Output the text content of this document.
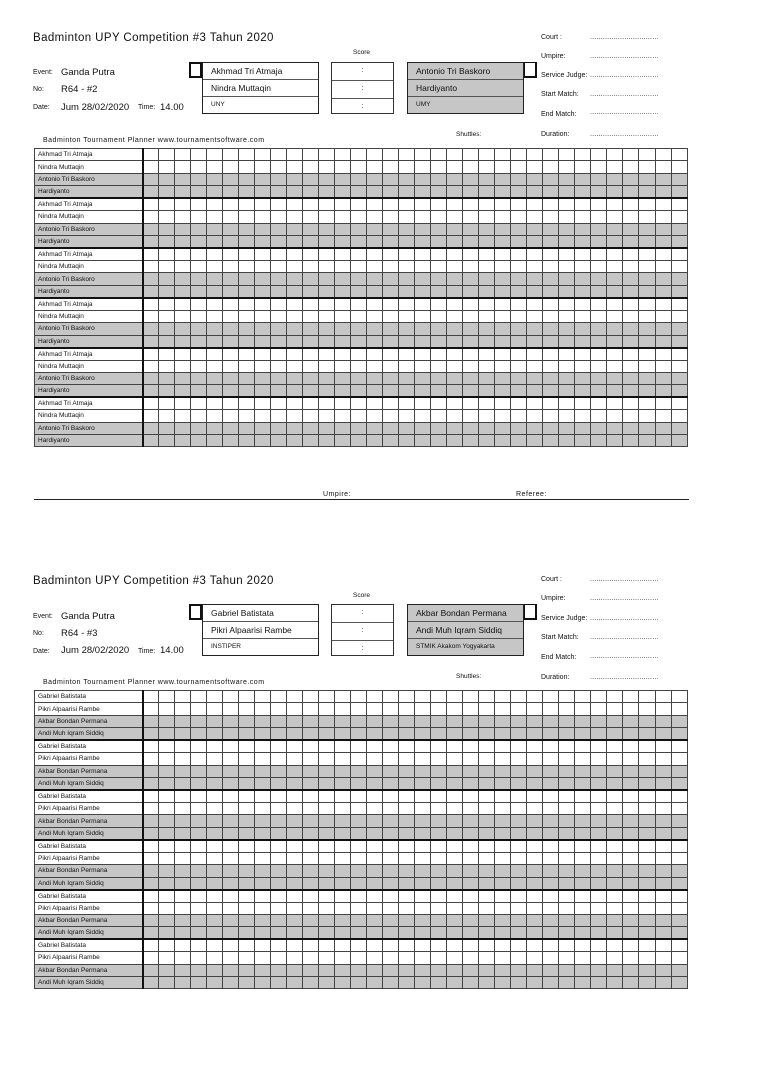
Badminton UPY Competition #3 Tahun 2020
Score
Event: Ganda Putra
No: R64 - #2
Date: Jum 28/02/2020 Time: 14.00
Akhmad Tri Atmaja
Nindra Muttaqin
UNY
:
:
:
Antonio Tri Baskoro
Hardiyanto
UMY
Court :	................................
Umpire:	................................
Service Judge: ................................
Start Match: ................................
End Match: ................................
Duration:	................................
Shuttles:
Badminton Tournament Planner www.tournamentsoftware.com
Akhmad Tri Atmaja																																		
Nindra Muttaqin																																		
Antonio Tri Baskoro																																		
Hardiyanto																																		
Akhmad Tri Atmaja																																		
Nindra Muttaqin																																		
Antonio Tri Baskoro																																		
Hardiyanto																																		
Akhmad Tri Atmaja																																		
Nindra Muttaqin																																		
Antonio Tri Baskoro																																		
Hardiyanto																																		
Akhmad Tri Atmaja																																		
Nindra Muttaqin																																		
Antonio Tri Baskoro																																		
Hardiyanto																																		
Akhmad Tri Atmaja																																		
Nindra Muttaqin																																		
Antonio Tri Baskoro																																		
Hardiyanto																																		
Akhmad Tri Atmaja																																		
Nindra Muttaqin																																		
Antonio Tri Baskoro																																		
Hardiyanto																																		
Umpire:	Referee:
Badminton UPY Competition #3 Tahun 2020
Score
Event: Ganda Putra
No: R64 - #3
Date: Jum 28/02/2020 Time: 14.00
Gabriel Batistata
Pikri Alpaarisi Rambe
INSTIPER
:
:
:
Akbar Bondan Permana
Andi Muh Iqram Siddiq
STMIK Akakom Yogyakarta
Court :	................................
Umpire:	................................
Service Judge: ................................
Start Match: ................................
End Match: ................................
Duration:	................................
Shuttles:
Badminton Tournament Planner www.tournamentsoftware.com
Gabriel Batistata																																		
Pikri Alpaarisi Rambe																																		
Akbar Bondan Permana																																		
Andi Muh Iqram Siddiq																																		
Gabriel Batistata																																		
Pikri Alpaarisi Rambe																																		
Akbar Bondan Permana																																		
Andi Muh Iqram Siddiq																																		
Gabriel Batistata																																		
Pikri Alpaarisi Rambe																																		
Akbar Bondan Permana																																		
Andi Muh Iqram Siddiq																																		
Gabriel Batistata																																		
Pikri Alpaarisi Rambe																																		
Akbar Bondan Permana																																		
Andi Muh Iqram Siddiq																																		
Gabriel Batistata																																		
Pikri Alpaarisi Rambe																																		
Akbar Bondan Permana																																		
Andi Muh Iqram Siddiq																																		
Gabriel Batistata																																		
Pikri Alpaarisi Rambe																																		
Akbar Bondan Permana																																		
Andi Muh Iqram Siddiq																																		
